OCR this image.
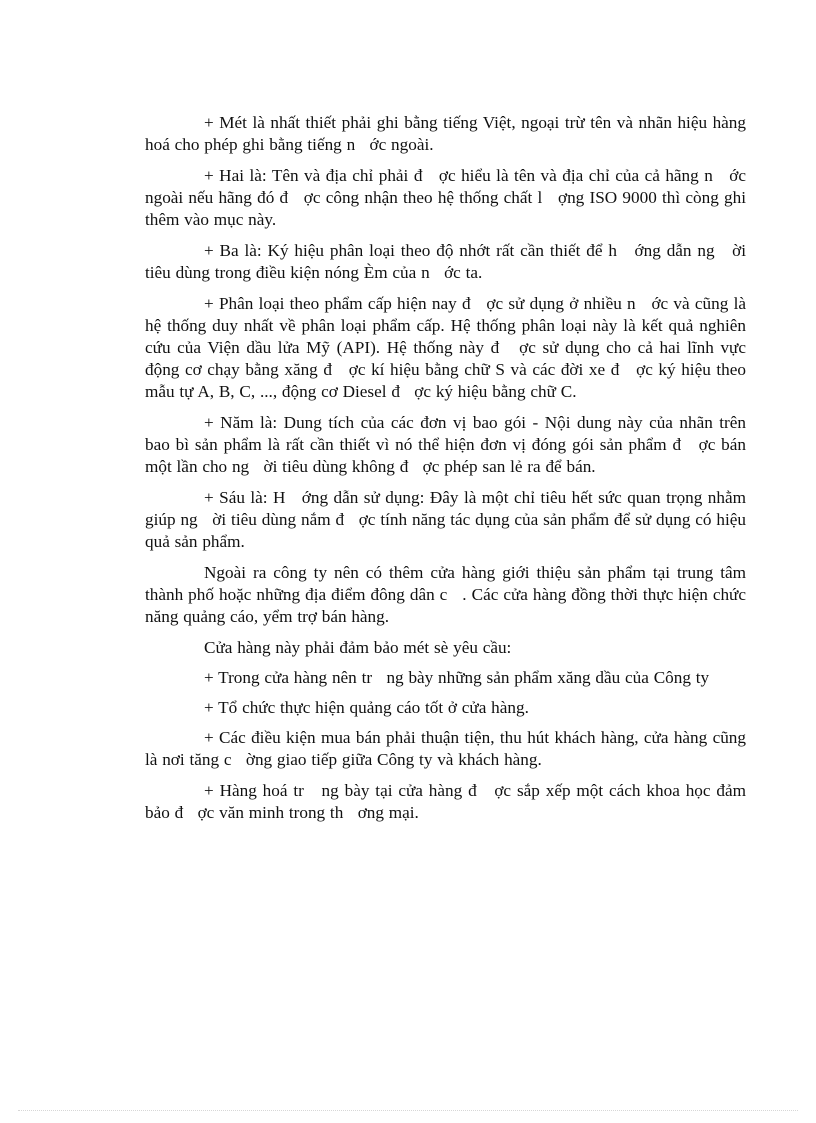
+ Mét là nhất thiết phải ghi bằng tiếng Việt, ngoại trừ tên và nhãn hiệu hàng hoá cho phép ghi bằng tiếng n   ớc ngoài.

+ Hai là: Tên và địa chỉ phải đ   ợc hiểu là tên và địa chỉ của cả hãng n   ớc ngoài nếu hãng đó đ   ợc công nhận theo hệ thống chất l   ợng ISO 9000 thì còng ghi thêm vào mục này.

+ Ba là: Ký hiệu phân loại theo độ nhớt rất cần thiết để h   ớng dẫn ng   ời tiêu dùng trong điều kiện nóng Èm của n   ớc ta.

+ Phân loại theo phẩm cấp hiện nay đ   ợc sử dụng ở nhiều n   ớc và cũng là hệ thống duy nhất về phân loại phẩm cấp. Hệ thống phân loại này là kết quả nghiên cứu của Viện dầu lửa Mỹ (API). Hệ thống này đ   ợc sử dụng cho cả hai lĩnh vực động cơ chạy bằng xăng đ   ợc kí hiệu bằng chữ S và các đời xe đ   ợc ký hiệu theo mẫu tự A, B, C, ..., động cơ Diesel đ   ợc ký hiệu bằng chữ C.

+ Năm là: Dung tích của các đơn vị bao gói - Nội dung này của nhãn trên bao bì sản phẩm là rất cần thiết vì nó thể hiện đơn vị đóng gói sản phẩm đ   ợc bán một lần cho ng   ời tiêu dùng không đ   ợc phép san lẻ ra để bán.

+ Sáu là: H   ớng dẫn sử dụng: Đây là một chỉ tiêu hết sức quan trọng nhằm giúp ng   ời tiêu dùng nắm đ   ợc tính năng tác dụng của sản phẩm để sử dụng có hiệu quả sản phẩm.

Ngoài ra công ty nên có thêm cửa hàng giới thiệu sản phẩm tại trung tâm thành phố hoặc những địa điểm đông dân c   . Các cửa hàng đồng thời thực hiện chức năng quảng cáo, yểm trợ bán hàng.

Cửa hàng này phải đảm bảo mét sè yêu cầu:

+ Trong cửa hàng nên tr   ng bày những sản phẩm xăng dầu của Công ty

+ Tổ chức thực hiện quảng cáo tốt ở cửa hàng.

+ Các điều kiện mua bán phải thuận tiện, thu hút khách hàng, cửa hàng cũng là nơi tăng c   ờng giao tiếp giữa Công ty và khách hàng.

+ Hàng hoá tr   ng bày tại cửa hàng đ   ợc sắp xếp một cách khoa học đảm bảo đ   ợc văn minh trong th   ơng mại.
